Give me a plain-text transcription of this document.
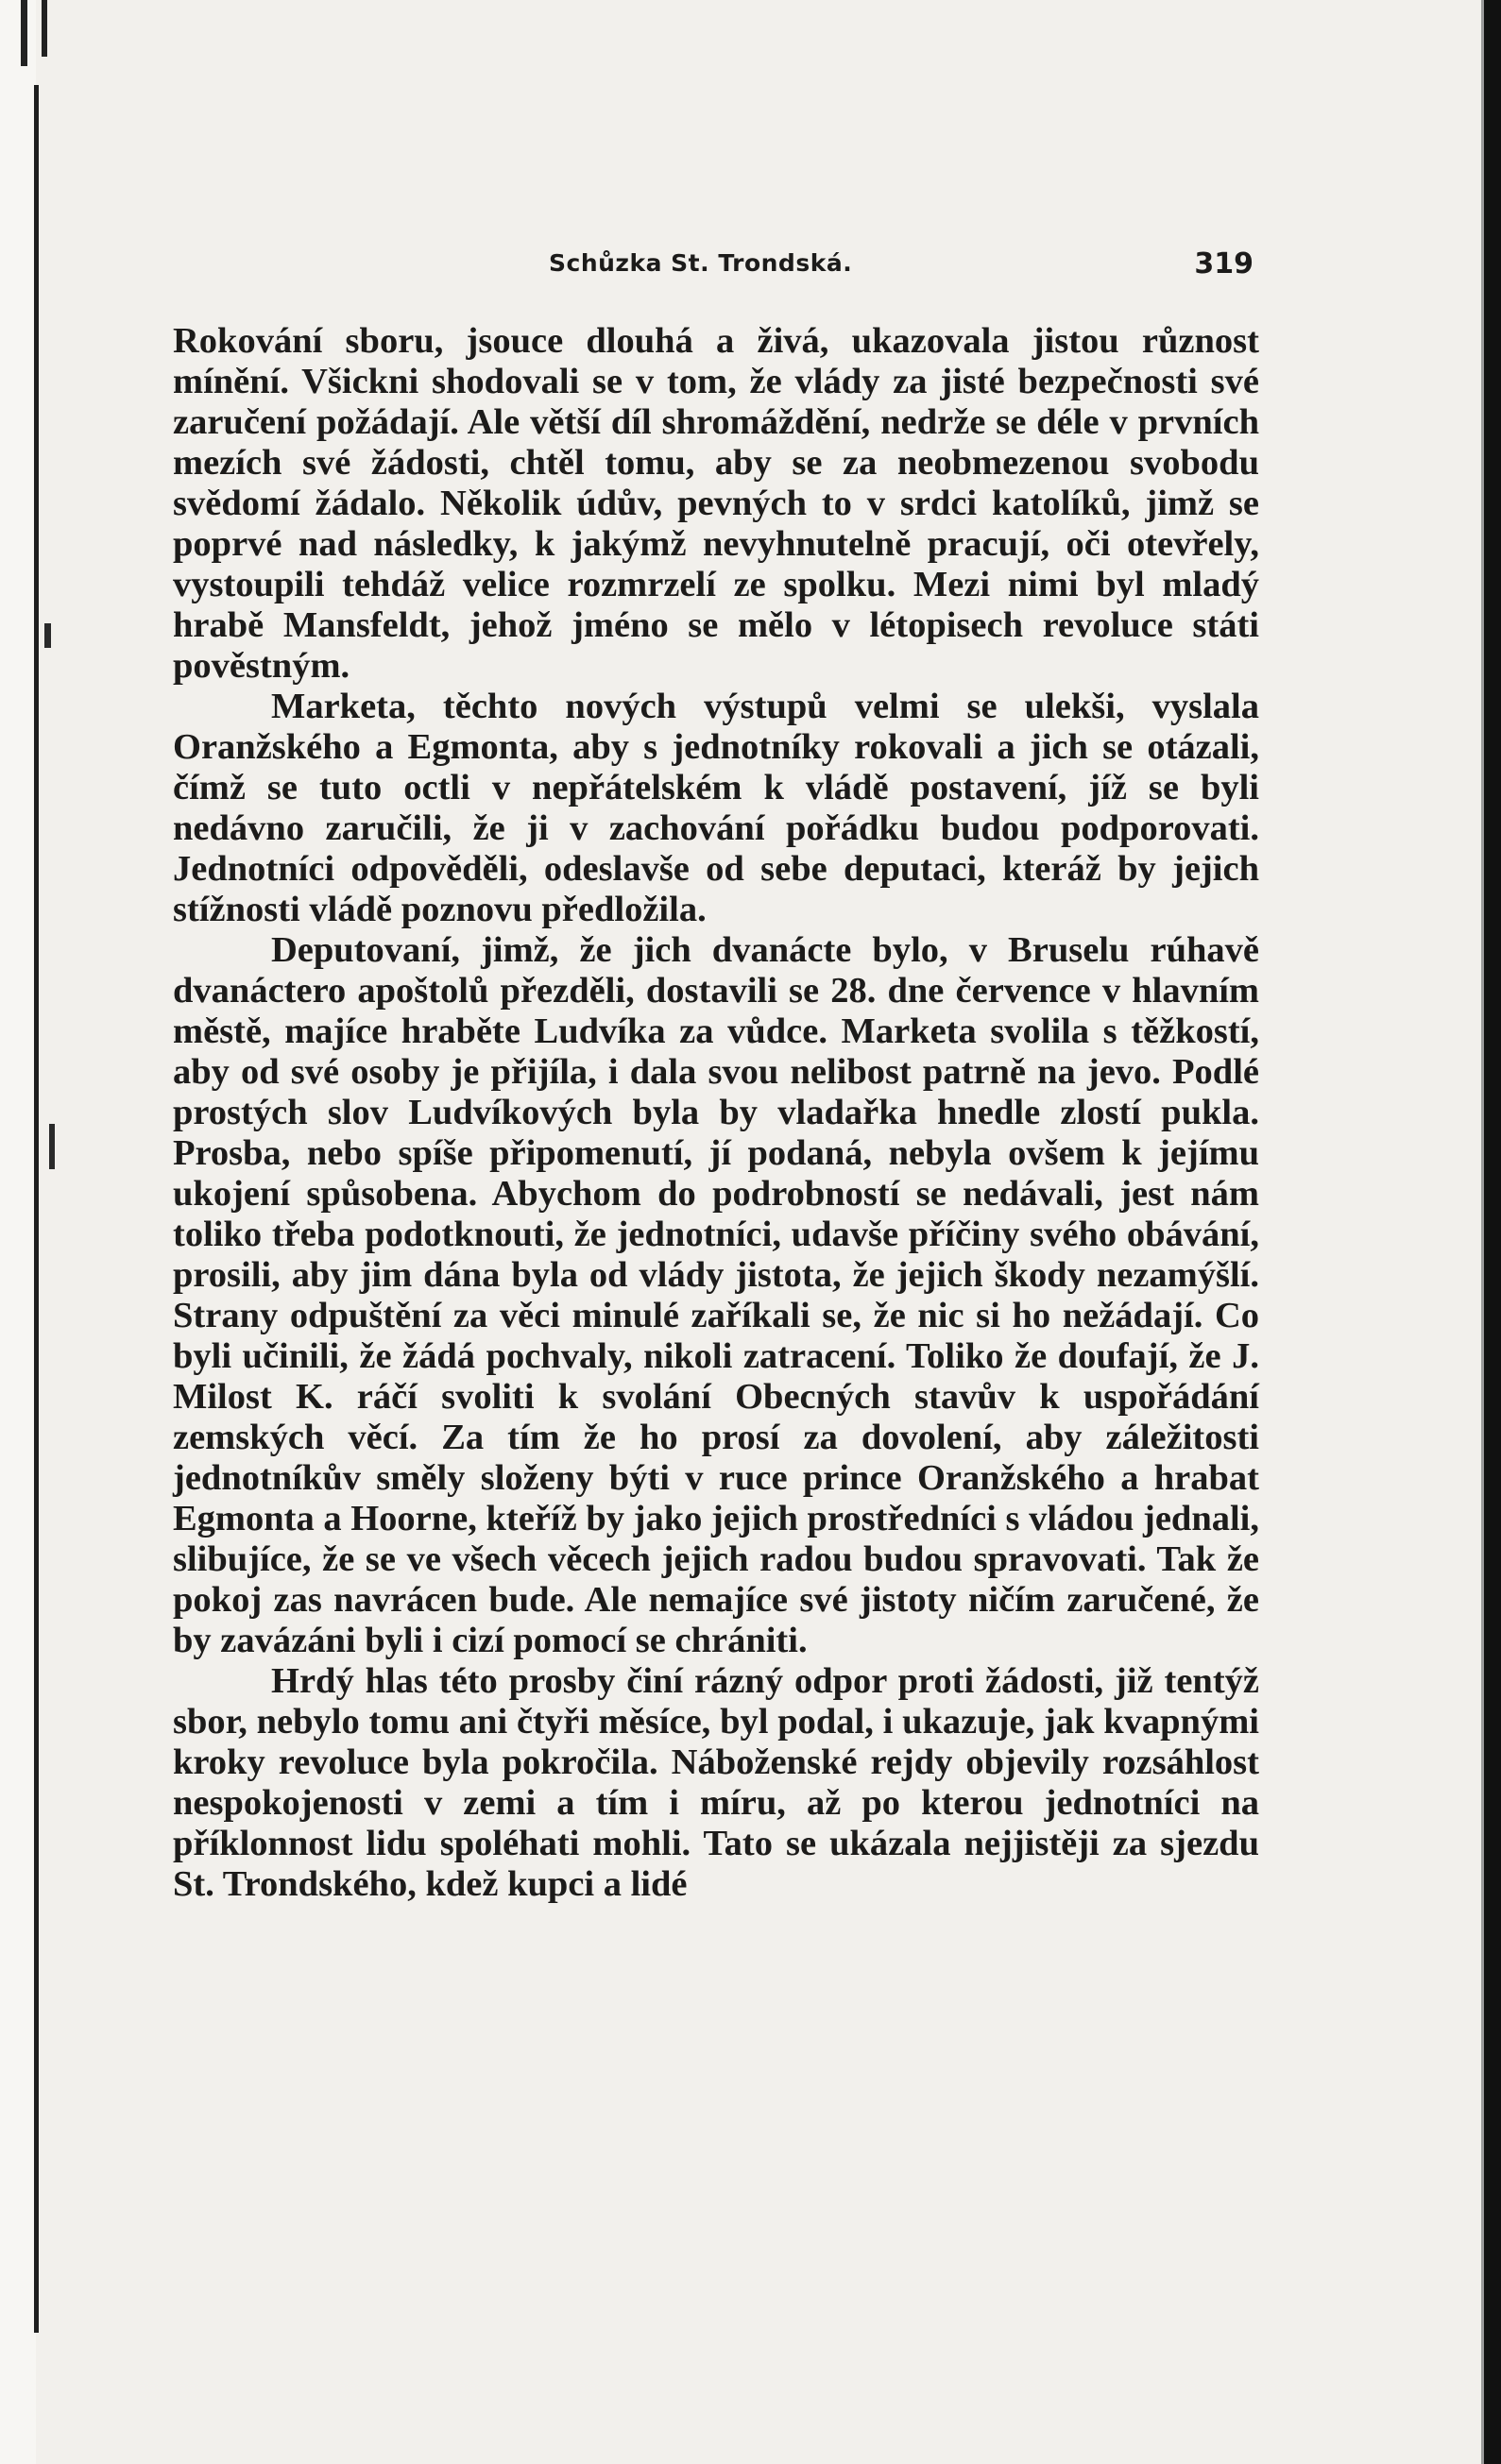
Schůzka St. Trondská.	319

Rokování sboru, jsouce dlouhá a živá, ukazovala jistou různost mínění. Všickni shodovali se v tom, že vlády za jisté bezpečnosti své zaručení požádají. Ale větší díl shromáždění, nedrže se déle v prvních mezích své žádosti, chtěl tomu, aby se za neobmezenou svobodu svědomí žádalo. Několik údův, pevných to v srdci katolíků, jimž se poprvé nad následky, k jakýmž nevyhnutelně pracují, oči otevřely, vystoupili tehdáž velice rozmrzelí ze spolku. Mezi nimi byl mladý hrabě Mansfeldt, jehož jméno se mělo v létopisech revoluce státi pověstným.

Marketa, těchto nových výstupů velmi se ulekši, vyslala Oranžského a Egmonta, aby s jednotníky rokovali a jich se otázali, čímž se tuto octli v nepřátelském k vládě postavení, jíž se byli nedávno zaručili, že ji v zachování pořádku budou podporovati. Jednotníci odpověděli, odeslavše od sebe deputaci, kteráž by jejich stížnosti vládě poznovu předložila.

Deputovaní, jimž, že jich dvanácte bylo, v Bruselu rúhavě dvanáctero apoštolů přezděli, dostavili se 28. dne července v hlavním městě, majíce hraběte Ludvíka za vůdce. Marketa svolila s těžkostí, aby od své osoby je přijíla, i dala svou nelibost patrně na jevo. Podlé prostých slov Ludvíkových byla by vladařka hnedle zlostí pukla. Prosba, nebo spíše připomenutí, jí podaná, nebyla ovšem k jejímu ukojení spůsobena. Abychom do podrobností se nedávali, jest nám toliko třeba podotknouti, že jednotníci, udavše příčiny svého obávání, prosili, aby jim dána byla od vlády jistota, že jejich škody nezamýšlí. Strany odpuštění za věci minulé zaříkali se, že nic si ho nežádají. Co byli učinili, že žádá pochvaly, nikoli zatracení. Toliko že doufají, že J. Milost K. ráčí svoliti k svolání Obecných stavův k uspořádání zemských věcí. Za tím že ho prosí za dovolení, aby záležitosti jednotníkův směly složeny býti v ruce prince Oranžského a hrabat Egmonta a Hoorne, kteříž by jako jejich prostředníci s vládou jednali, slibujíce, že se ve všech věcech jejich radou budou spravovati. Tak že pokoj zas navrácen bude. Ale nemajíce své jistoty ničím zaručené, že by zavázáni byli i cizí pomocí se chrániti.

Hrdý hlas této prosby činí rázný odpor proti žádosti, již tentýž sbor, nebylo tomu ani čtyři měsíce, byl podal, i ukazuje, jak kvapnými kroky revoluce byla pokročila. Náboženské rejdy objevily rozsáhlost nespokojenosti v zemi a tím i míru, až po kterou jednotníci na příklonnost lidu spoléhati mohli. Tato se ukázala nejjistěji za sjezdu St. Trondského, kdež kupci a lidé
